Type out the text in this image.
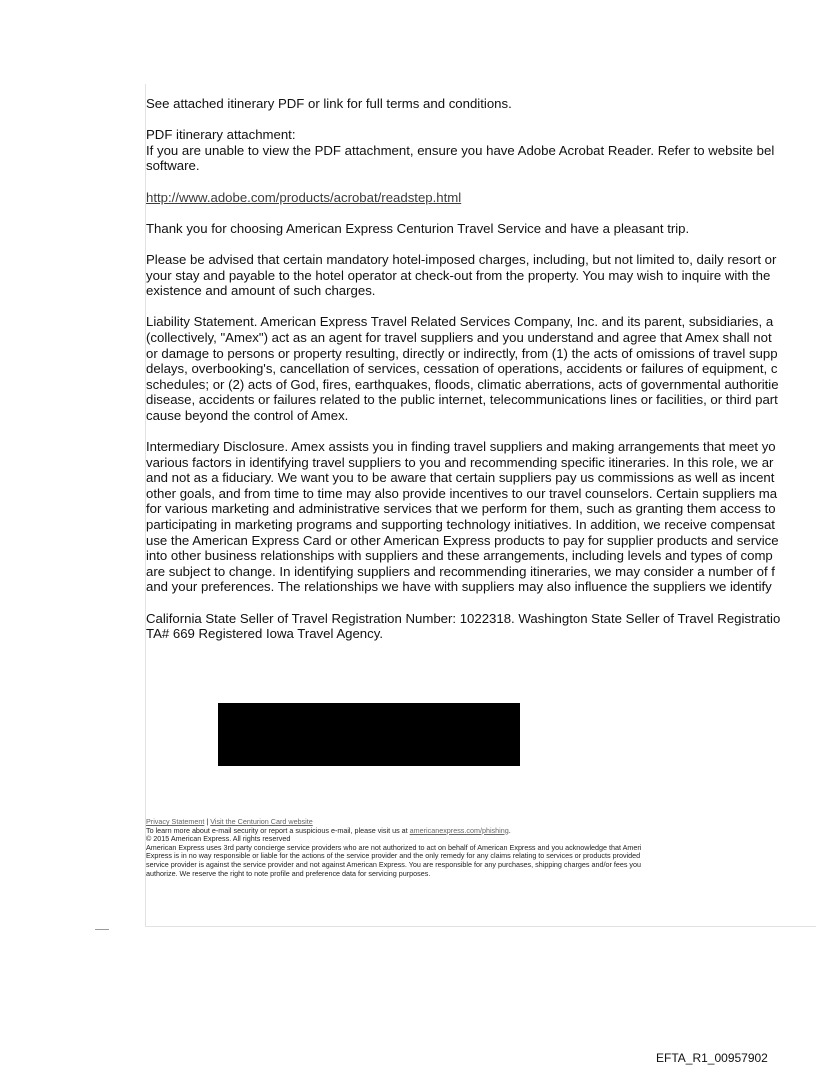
See attached itinerary PDF or link for full terms and conditions.

PDF itinerary attachment:
If you are unable to view the PDF attachment, ensure you have Adobe Acrobat Reader. Refer to website bel
software.

http://www.adobe.com/products/acrobat/readstep.html

Thank you for choosing American Express Centurion Travel Service and have a pleasant trip.

Please be advised that certain mandatory hotel-imposed charges, including, but not limited to, daily resort or
your stay and payable to the hotel operator at check-out from the property. You may wish to inquire with the
existence and amount of such charges.

Liability Statement. American Express Travel Related Services Company, Inc. and its parent, subsidiaries, a
(collectively, "Amex") act as an agent for travel suppliers and you understand and agree that Amex shall not
or damage to persons or property resulting, directly or indirectly, from (1) the acts of omissions of travel supp
delays, overbooking's, cancellation of services, cessation of operations, accidents or failures of equipment, c
schedules; or (2) acts of God, fires, earthquakes, floods, climatic aberrations, acts of governmental authoritie
disease, accidents or failures related to the public internet, telecommunications lines or facilities, or third part
cause beyond the control of Amex.

Intermediary Disclosure. Amex assists you in finding travel suppliers and making arrangements that meet yo
various factors in identifying travel suppliers to you and recommending specific itineraries. In this role, we ar
and not as a fiduciary. We want you to be aware that certain suppliers pay us commissions as well as incent
other goals, and from time to time may also provide incentives to our travel counselors. Certain suppliers ma
for various marketing and administrative services that we perform for them, such as granting them access to
participating in marketing programs and supporting technology initiatives. In addition, we receive compensat
use the American Express Card or other American Express products to pay for supplier products and service
into other business relationships with suppliers and these arrangements, including levels and types of comp
are subject to change. In identifying suppliers and recommending itineraries, we may consider a number of f
and your preferences. The relationships we have with suppliers may also influence the suppliers we identify

California State Seller of Travel Registration Number: 1022318. Washington State Seller of Travel Registratio
TA# 669 Registered Iowa Travel Agency.

Privacy Statement | Visit the Centurion Card website
To learn more about e-mail security or report a suspicious e-mail, please visit us at americanexpress.com/phishing.
© 2015 American Express. All rights reserved
American Express uses 3rd party concierge service providers who are not authorized to act on behalf of American Express and you acknowledge that Ameri
Express is in no way responsible or liable for the actions of the service provider and the only remedy for any claims relating to services or products provided
service provider is against the service provider and not against American Express. You are responsible for any purchases, shipping charges and/or fees you
authorize. We reserve the right to note profile and preference data for servicing purposes.
EFTA_R1_00957902
